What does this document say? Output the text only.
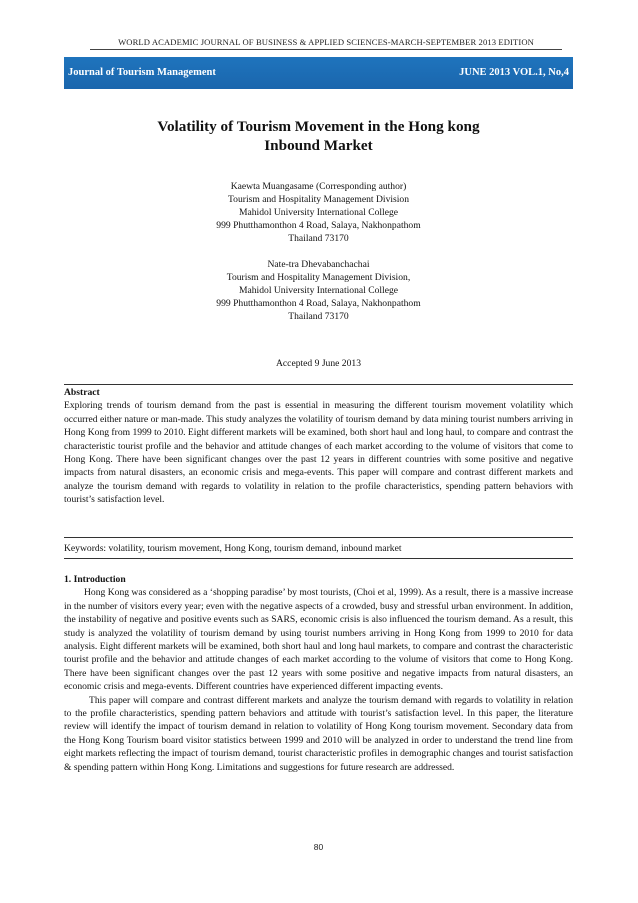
WORLD ACADEMIC JOURNAL OF BUSINESS & APPLIED SCIENCES-MARCH-SEPTEMBER 2013 EDITION
Journal of Tourism Management	JUNE 2013 VOL.1, No,4
Volatility of Tourism Movement in the Hong kong
Inbound Market
Kaewta Muangasame (Corresponding author)
Tourism and Hospitality Management Division
Mahidol University International College
999 Phutthamonthon 4 Road, Salaya, Nakhonpathom
Thailand 73170
Nate-tra Dhevabanchachai
Tourism and Hospitality Management Division,
Mahidol University International College
999 Phutthamonthon 4 Road, Salaya, Nakhonpathom
Thailand 73170
Accepted 9 June 2013
Abstract

Exploring trends of tourism demand from the past is essential in measuring the different tourism movement volatility which occurred either nature or man-made. This study analyzes the volatility of tourism demand by data mining tourist numbers arriving in Hong Kong from 1999 to 2010. Eight different markets will be examined, both short haul and long haul, to compare and contrast the characteristic tourist profile and the behavior and attitude changes of each market according to the volume of visitors that come to Hong Kong. There have been significant changes over the past 12 years in different countries with some positive and negative impacts from natural disasters, an economic crisis and mega-events. This paper will compare and contrast different markets and analyze the tourism demand with regards to volatility in relation to the profile characteristics, spending pattern behaviors with tourist’s satisfaction level.

Keywords: volatility, tourism movement, Hong Kong, tourism demand, inbound market
1. Introduction

Hong Kong was considered as a ‘shopping paradise’ by most tourists, (Choi et al, 1999). As a result, there is a massive increase in the number of visitors every year; even with the negative aspects of a crowded, busy and stressful urban environment. In addition, the instability of negative and positive events such as SARS, economic crisis is also influenced the tourism demand. As a result, this study is analyzed the volatility of tourism demand by using tourist numbers arriving in Hong Kong from 1999 to 2010 for data analysis. Eight different markets will be examined, both short haul and long haul markets, to compare and contrast the characteristic tourist profile and the behavior and attitude changes of each market according to the volume of visitors that come to Hong Kong. There have been significant changes over the past 12 years with some positive and negative impacts from natural disasters, an economic crisis and mega-events. Different countries have experienced different impacting events.

This paper will compare and contrast different markets and analyze the tourism demand with regards to volatility in relation to the profile characteristics, spending pattern behaviors and attitude with tourist’s satisfaction level. In this paper, the literature review will identify the impact of tourism demand in relation to volatility of Hong Kong tourism movement. Secondary data from the Hong Kong Tourism board visitor statistics between 1999 and 2010 will be analyzed in order to understand the trend line from eight markets reflecting the impact of tourism demand, tourist characteristic profiles in demographic changes and tourist satisfaction & spending pattern within Hong Kong. Limitations and suggestions for future research are addressed.

80
